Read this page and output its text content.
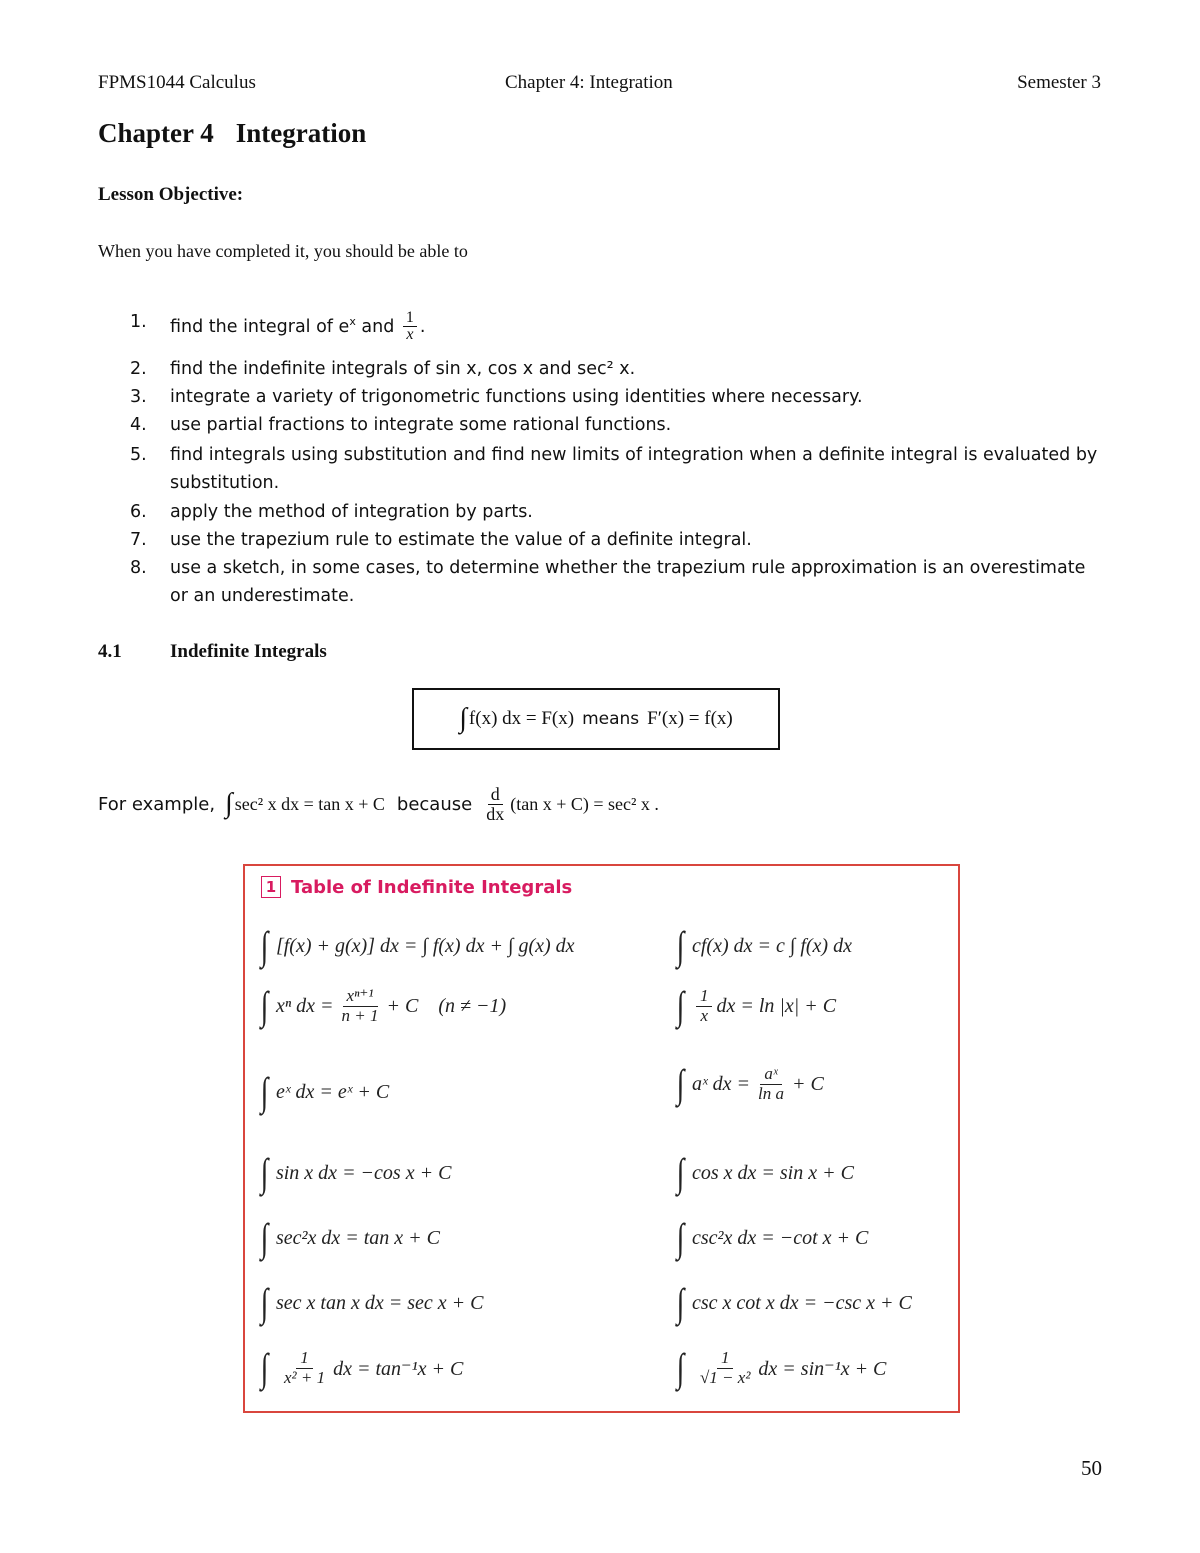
FPMS1044 Calculus	Chapter 4: Integration	Semester 3
Chapter 4 Integration
Lesson Objective:
When you have completed it, you should be able to
1. find the integral of $e^x$ and $\frac{1}{x}$ .
2. find the indefinite integrals of sin x, cos x and sec² x.
3. integrate a variety of trigonometric functions using identities where necessary.
4. use partial fractions to integrate some rational functions.
5. find integrals using substitution and find new limits of integration when a definite integral is evaluated by substitution.
6. apply the method of integration by parts.
7. use the trapezium rule to estimate the value of a definite integral.
8. use a sketch, in some cases, to determine whether the trapezium rule approximation is an overestimate or an underestimate.
4.1	Indefinite Integrals
∫ f(x) dx = F(x) means F′(x) = f(x)
For example, ∫ sec² x dx = tan x + C because $\frac{d}{dx} (\tan$ x + C) = sec² x .
1 Table of Indefinite Integrals
∫ [f(x) + g(x)] dx = ∫ f(x) dx + ∫ g(x) dx	∫ cf(x) dx = c ∫ f(x) dx
∫ xⁿ dx = $\frac{\text{xⁿ⁺¹}}{n + 1} + C$    (n ≠ −1)	∫ $\frac{1}{x}$ dx = ln |x| + C
∫ eˣ dx = eˣ + C	∫ aˣ dx = $\frac{\text{aˣ}}{\text{ln a}} + C$
∫ sin x dx = −cos x + C	∫ cos x dx = sin x + C
∫ sec²x dx = tan x + C	∫ csc²x dx = −cot x + C
∫ sec x tan x dx = sec x + C	∫ csc x cot x dx = −csc x + C
∫ $\frac{1}{\text{x² + 1}}$ dx = tan⁻¹x + C	∫ $\frac{1}{\text{√1 − x²}}$ dx = sin⁻¹x + C
50
